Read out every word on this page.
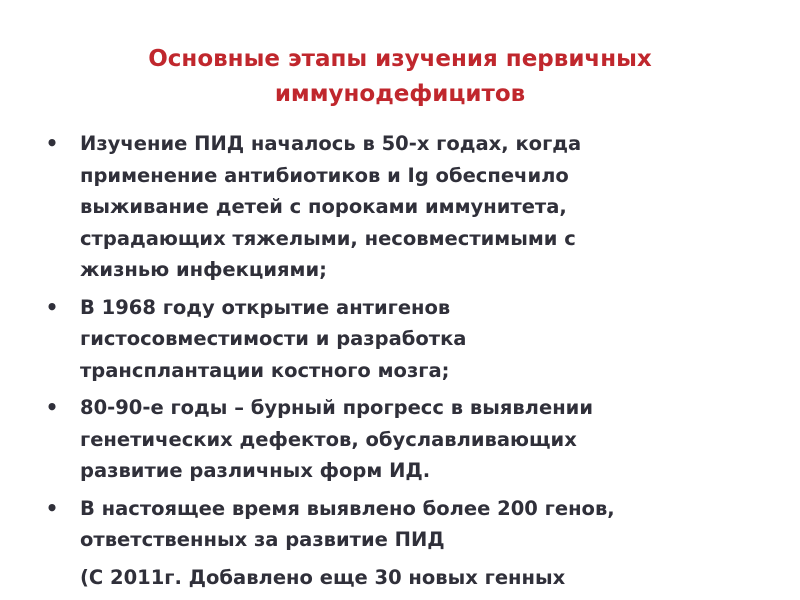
Основные этапы изучения первичных
иммунодефицитов
• Изучение ПИД началось в 50-х годах, когда
применение антибиотиков и Ig обеспечило
выживание детей с пороками иммунитета,
страдающих тяжелыми, несовместимыми с
жизнью инфекциями;
• В 1968 году открытие антигенов
гистосовместимости и разработка
трансплантации костного мозга;
• 80-90-е годы – бурный прогресс в выявлении
генетических дефектов, обуславливающих
развитие различных форм ИД.
• В настоящее время выявлено более 200 генов,
ответственных за развитие ПИД
(С 2011г. Добавлено еще 30 новых генных
